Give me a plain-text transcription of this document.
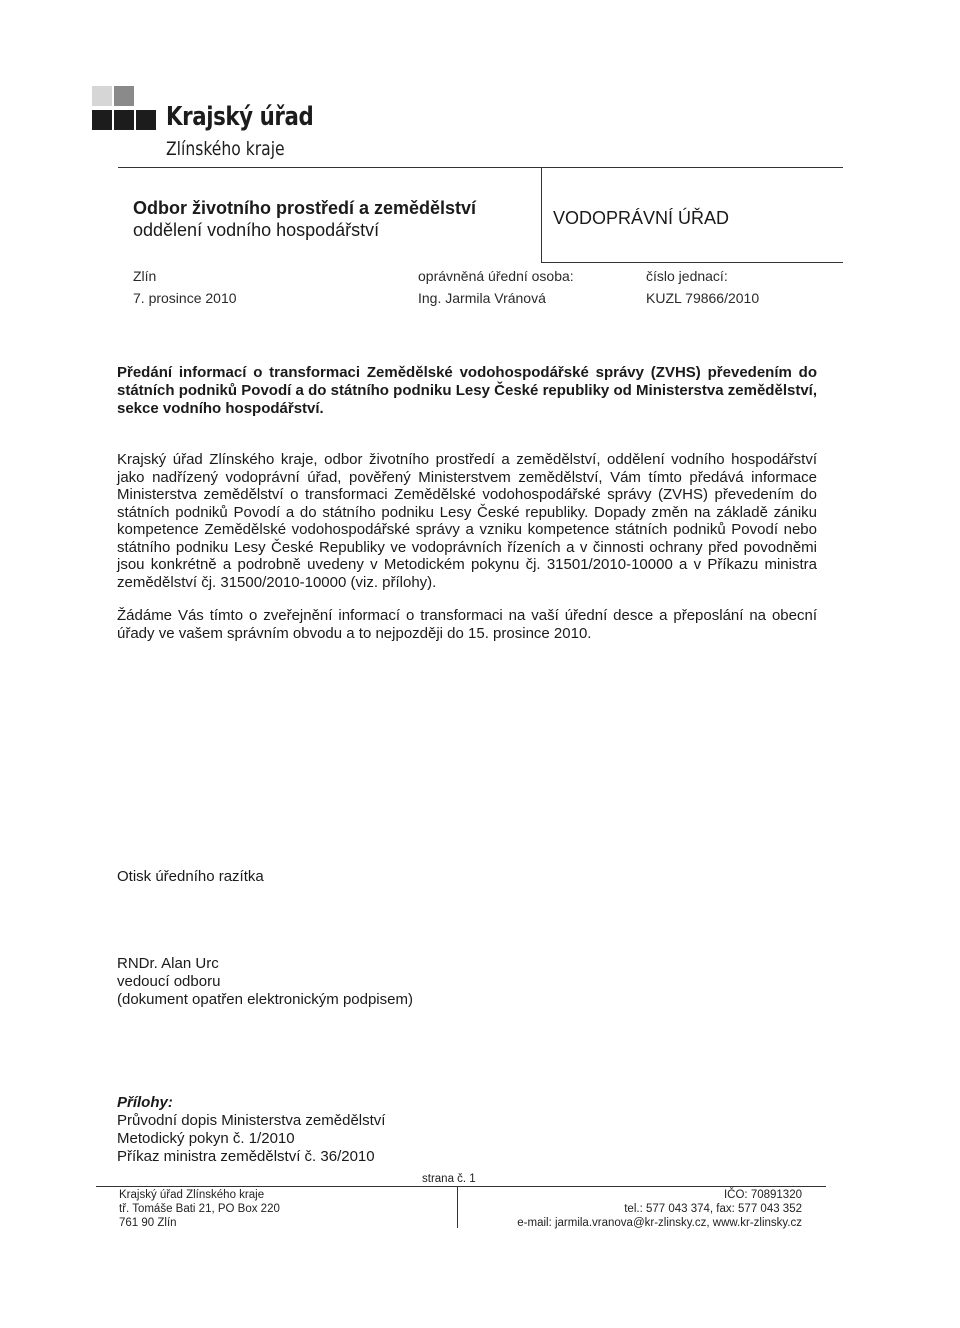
Krajský úřad
Zlínského kraje
Odbor životního prostředí a zemědělství
oddělení vodního hospodářství
VODOPRÁVNÍ ÚŘAD
Zlín
7. prosince 2010
oprávněná úřední osoba:
Ing. Jarmila Vránová
číslo jednací:
KUZL 79866/2010
Předání informací o transformaci Zemědělské vodohospodářské správy (ZVHS) převedením do státních podniků Povodí a do státního podniku Lesy České republiky od Ministerstva zemědělství, sekce vodního hospodářství.
Krajský úřad Zlínského kraje, odbor životního prostředí a zemědělství, oddělení vodního hospodářství jako nadřízený vodoprávní úřad, pověřený Ministerstvem zemědělství, Vám tímto předává informace Ministerstva zemědělství o transformaci Zemědělské vodohospodářské správy (ZVHS) převedením do státních podniků Povodí a do státního podniku Lesy České republiky. Dopady změn na základě zániku kompetence Zemědělské vodohospodářské správy a vzniku kompetence státních podniků Povodí nebo státního podniku Lesy České Republiky ve vodoprávních řízeních a v činnosti ochrany před povodněmi jsou konkrétně a podrobně uvedeny v Metodickém pokynu čj. 31501/2010-10000 a v Příkazu ministra zemědělství čj. 31500/2010-10000 (viz. přílohy).
Žádáme Vás tímto o zveřejnění informací o transformaci na vaší úřední desce a přeposlání na obecní úřady ve vašem správním obvodu a to nejpozději do 15. prosince 2010.
Otisk úředního razítka
RNDr. Alan Urc
vedoucí odboru
(dokument opatřen elektronickým podpisem)
Přílohy:
Průvodní dopis Ministerstva zemědělství
Metodický pokyn č. 1/2010
Příkaz ministra zemědělství č. 36/2010
strana č. 1
Krajský úřad Zlínského kraje
tř. Tomáše Bati 21, PO Box 220
761 90 Zlín
IČO: 70891320
tel.: 577 043 374, fax: 577 043 352
e-mail: jarmila.vranova@kr-zlinsky.cz, www.kr-zlinsky.cz
